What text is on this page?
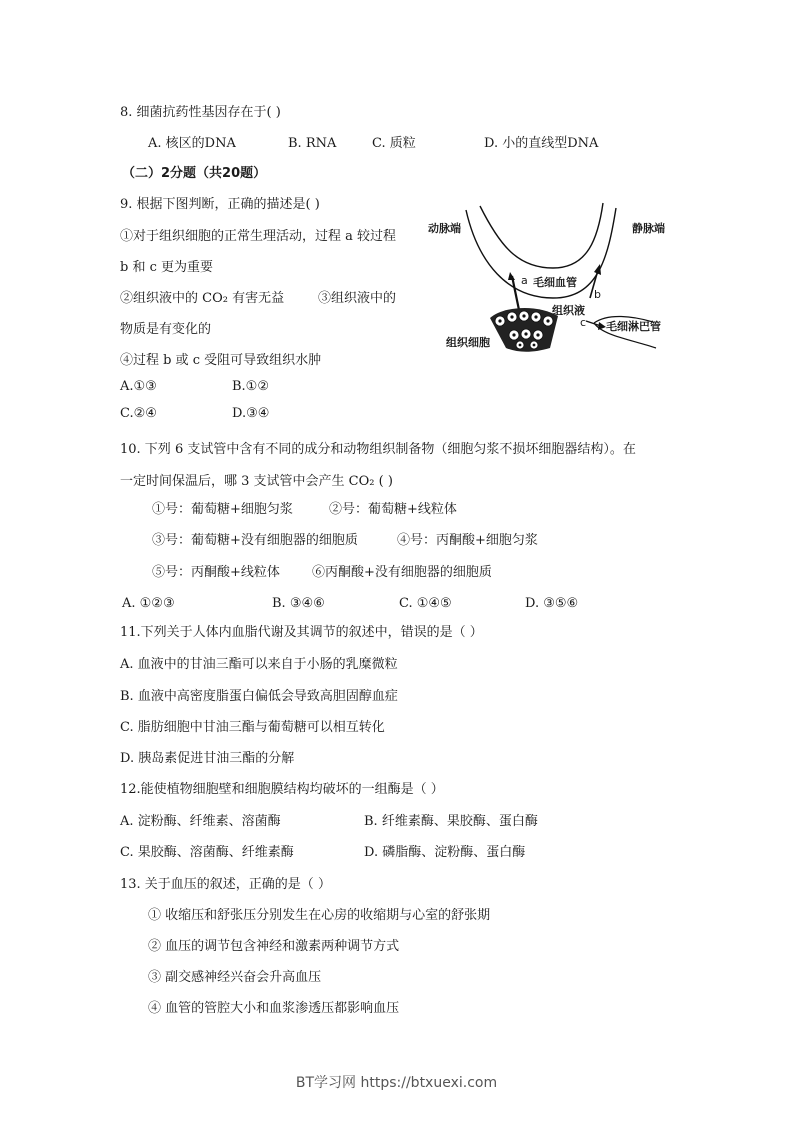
8. 细菌抗药性基因存在于( )
A. 核区的DNA	B. RNA	C. 质粒	D. 小的直线型DNA
（二）2分题（共20题）
9. 根据下图判断，正确的描述是( )
①对于组织细胞的正常生理活动，过程 a 较过程
b 和 c 更为重要
②组织液中的 CO₂ 有害无益	③组织液中的
物质是有变化的
④过程 b 或 c 受阻可导致组织水肿
A.①③	B.①②
C.②④	D.③④
动脉端	静脉端
毛细血管
a
b
组织液
c 毛细淋巴管
组织细胞
10. 下列 6 支试管中含有不同的成分和动物组织制备物（细胞匀浆不损坏细胞器结构）。在
一定时间保温后，哪 3 支试管中会产生 CO₂ ( )
①号：葡萄糖+细胞匀浆	②号：葡萄糖+线粒体
③号：葡萄糖+没有细胞器的细胞质	④号：丙酮酸+细胞匀浆
⑤号：丙酮酸+线粒体 ⑥丙酮酸+没有细胞器的细胞质
A. ①②③	B. ③④⑥	C. ①④⑤	D. ③⑤⑥
11.下列关于人体内血脂代谢及其调节的叙述中，错误的是（ ）
A. 血液中的甘油三酯可以来自于小肠的乳糜微粒
B. 血液中高密度脂蛋白偏低会导致高胆固醇血症
C. 脂肪细胞中甘油三酯与葡萄糖可以相互转化
D. 胰岛素促进甘油三酯的分解
12.能使植物细胞壁和细胞膜结构均破坏的一组酶是（ ）
A. 淀粉酶、纤维素、溶菌酶	B. 纤维素酶、果胶酶、蛋白酶
C. 果胶酶、溶菌酶、纤维素酶	D. 磷脂酶、淀粉酶、蛋白酶
13. 关于血压的叙述，正确的是（ ）
① 收缩压和舒张压分别发生在心房的收缩期与心室的舒张期
② 血压的调节包含神经和激素两种调节方式
③ 副交感神经兴奋会升高血压
④ 血管的管腔大小和血浆渗透压都影响血压
BT学习网 https://btxuexi.com
